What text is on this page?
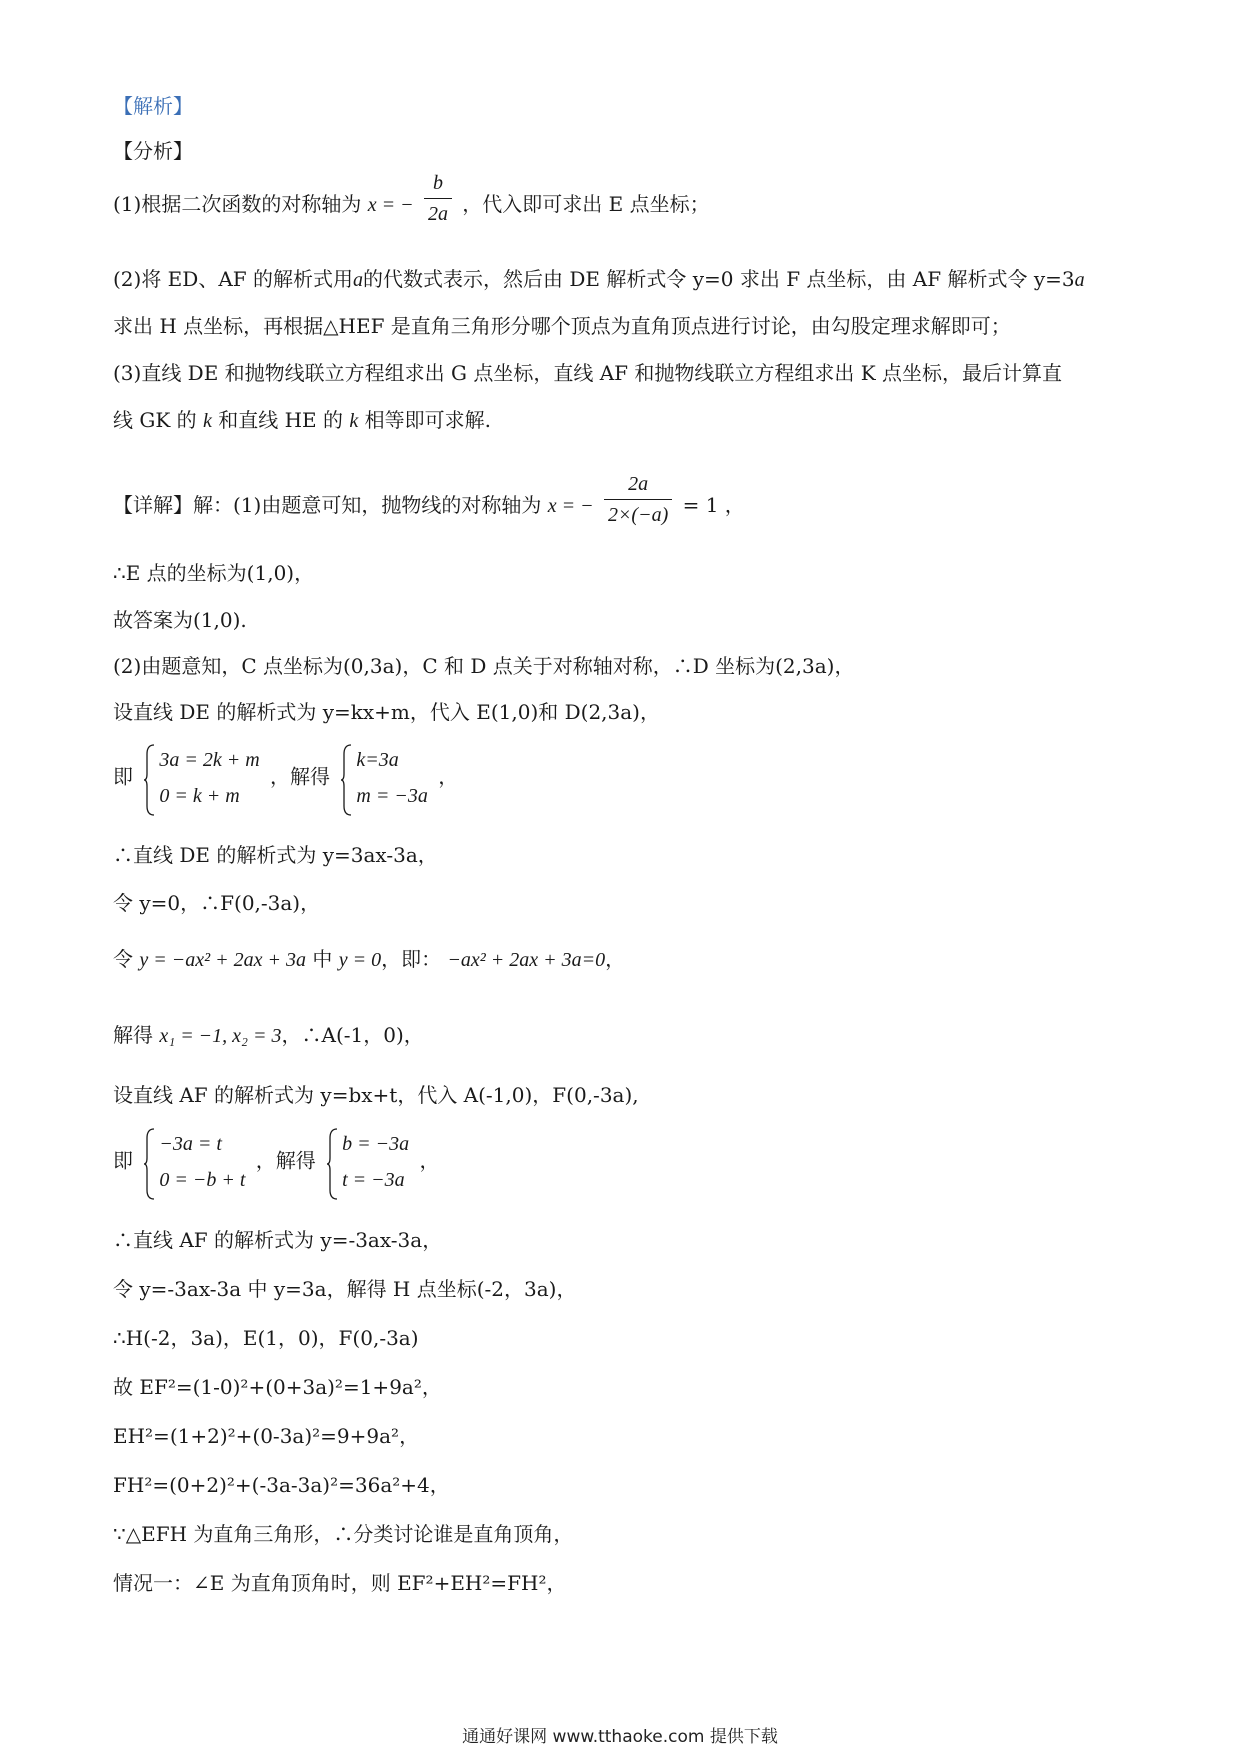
【解析】
【分析】
(1)根据二次函数的对称轴为 x = − $\frac{b}{2a}$ ，代入即可求出 E 点坐标；
(2)将 ED、AF 的解析式用a的代数式表示，然后由 DE 解析式令 y=0 求出 F 点坐标，由 AF 解析式令 y=3a
求出 H 点坐标，再根据△HEF 是直角三角形分哪个顶点为直角顶点进行讨论，由勾股定理求解即可；
(3)直线 DE 和抛物线联立方程组求出 G 点坐标，直线 AF 和抛物线联立方程组求出 K 点坐标，最后计算直
线 GK 的 k 和直线 HE 的 k 相等即可求解.
【详解】解：(1)由题意可知，抛物线的对称轴为 x = − $\frac{2a}{2\times(-a)} = 1$ ，
∴E 点的坐标为(1,0)，
故答案为(1,0).
(2)由题意知，C 点坐标为(0,3a)，C 和 D 点关于对称轴对称，∴D 坐标为(2,3a)，
设直线 DE 的解析式为 y=kx+m，代入 E(1,0)和 D(2,3a)，
即
3a = 2k + m
0 = k + m
，解得
k=3a
m = −3a
，
∴直线 DE 的解析式为 y=3ax-3a，
令 y=0，∴F(0,-3a)，
令 y = −ax² + 2ax + 3a 中 y = 0，即： −ax² + 2ax + 3a=0，
解得 x₁ = −1, x₂ = 3，∴A(-1，0)，
设直线 AF 的解析式为 y=bx+t，代入 A(-1,0)，F(0,-3a),
即
−3a = t
0 = −b + t
，解得
b = −3a
t = −3a
，
∴直线 AF 的解析式为 y=-3ax-3a，
令 y=-3ax-3a 中 y=3a，解得 H 点坐标(-2，3a)，
∴H(-2，3a)，E(1，0)，F(0,-3a)
故 EF²=(1-0)²+(0+3a)²=1+9a²，
EH²=(1+2)²+(0-3a)²=9+9a²，
FH²=(0+2)²+(-3a-3a)²=36a²+4，
∵△EFH 为直角三角形，∴分类讨论谁是直角顶角，
情况一：∠E 为直角顶角时，则 EF²+EH²=FH²，
通通好课网 www.tthaoke.com 提供下载
